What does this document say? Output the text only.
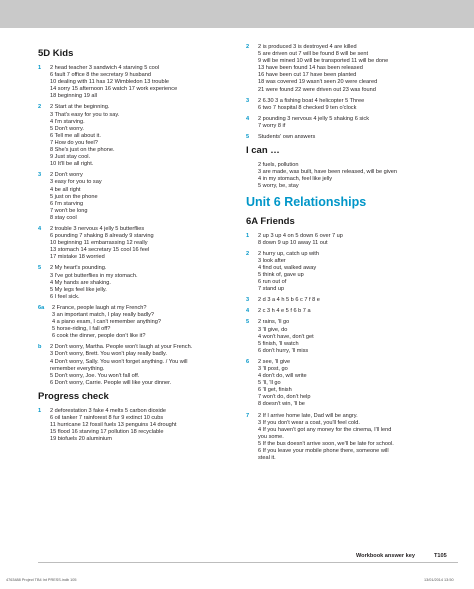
5D Kids
1	2 head teacher 3 sandwich 4 starving 5 cool
6 fault 7 office 8 the secretary 9 husband
10 dealing with 11 has 12 Wimbledon 13 trouble
14 sorry 15 afternoon 16 watch 17 work experience
18 beginning 19 all
2	2 Start at the beginning.
3 That's easy for you to say.
4 I'm starving.
5 Don't worry.
6 Tell me all about it.
7 How do you feel?
8 She's just on the phone.
9 Just stay cool.
10 It'll be all right.
3	2 Don't worry
3 easy for you to say
4 be all right
5 just on the phone
6 I'm starving
7 won't be long
8 stay cool
4	2 trouble 3 nervous 4 jelly 5 butterflies
6 pounding 7 shaking 8 already 9 starving
10 beginning 11 embarrassing 12 really
13 stomach 14 secretary 15 cool 16 feel
17 mistake 18 worried
5	2 My heart's pounding.
3 I've got butterflies in my stomach.
4 My hands are shaking.
5 My legs feel like jelly.
6 I feel sick.
6a	2 France, people laugh at my French?
3 an important match, I play really badly?
4 a piano exam, I can't remember anything?
5 horse-riding, I fall off?
6 cook the dinner, people don't like it?
b	2 Don't worry, Martha. People won't laugh at your French.
3 Don't worry, Brett. You won't play really badly.
4 Don't worry, Sally. You won't forget anything. / You will
remember everything.
5 Don't worry, Joe. You won't fall off.
6 Don't worry, Carrie. People will like your dinner.
Progress check
1	2 deforestation 3 fake 4 melts 5 carbon dioxide
6 oil tanker 7 rainforest 8 fur 9 extinct 10 cubs
11 hurricane 12 fossil fuels 13 penguins 14 drought
15 flood 16 starving 17 pollution 18 recyclable
19 biofuels 20 aluminium
2	2 is produced 3 is destroyed 4 are killed
5 are driven out 7 will be found 8 will be sent
9 will be mined 10 will be transported 11 will be done
13 have been found 14 has been released
16 have been cut 17 have been planted
18 was covered 19 wasn't seen 20 were cleared
21 were found 22 were driven out 23 was found
3	2 6.30 3 a fishing boat 4 helicopter 5 Three
6 two 7 hospital 8 checked 9 ten o'clock
4	2 pounding 3 nervous 4 jelly 5 shaking 6 sick
7 worry 8 if
5	Students' own answers
I can …
2 fuels, pollution
3 are made, was built, have been released, will be given
4 in my stomach, feel like jelly
5 worry, be, stay
Unit 6 Relationships
6A Friends
1	2 up 3 up 4 on 5 down 6 over 7 up
8 down 9 up 10 away 11 out
2	2 hurry up, catch up with
3 look after
4 find out, walked away
5 think of, gave up
6 run out of
7 stand up
3	2 d 3 a 4 h 5 b 6 c 7 f 8 e
4	2 c 3 h 4 e 5 f 6 b 7 a
5	2 rains, 'll go
3 'll give, do
4 won't have, don't get
5 finish, 'll watch
6 don't hurry, 'll miss
6	2 see, 'll give
3 'll post, go
4 don't do, will write
5 'll, 'll go
6 'll get, finish
7 won't do, don't help
8 doesn't win, 'll be
7	2 If I arrive home late, Dad will be angry.
3 If you don't wear a coat, you'll feel cold.
4 If you haven't got any money for the cinema, I'll lend
you some.
5 If the bus doesn't arrive soon, we'll be late for school.
6 If you leave your mobile phone there, someone will
steal it.
Workbook answer key	T105
4763488 Project TB4 Int PRESS.indb 105	13/01/2014 13:50
